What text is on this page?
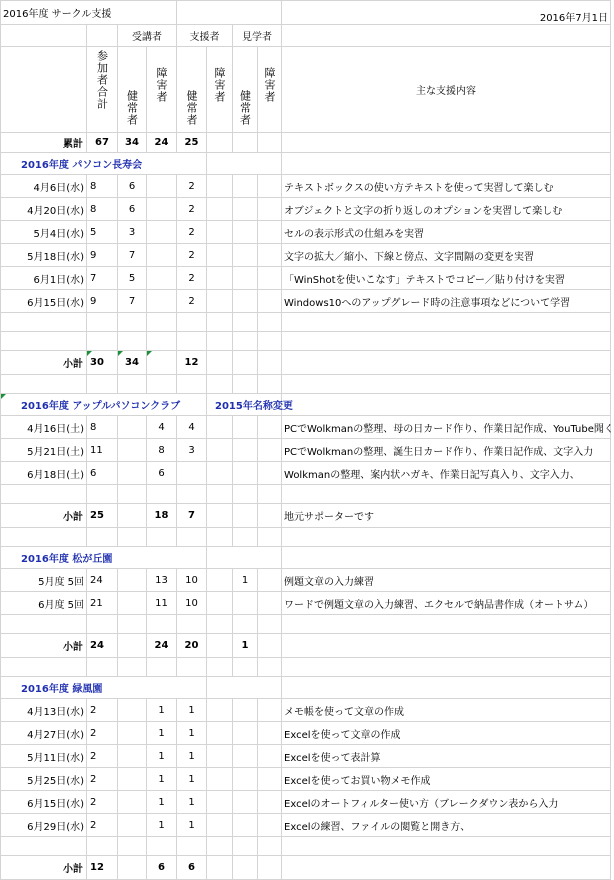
2016年度 サークル支援								2016年7月1日
		受講者		支援者		見学者		
	参加者合計	健常者	障害者	健常者	障害者	健常者	障害者	主な支援内容
累計	67	34	24	25				
2016年度 パソコン長寿会								
4月6日(水)	8	6		2				テキストボックスの使い方テキストを使って実習して楽しむ
4月20日(水)	8	6		2				オブジェクトと文字の折り返しのオプションを実習して楽しむ
5月4日(水)	5	3		2				セルの表示形式の仕組みを実習
5月18日(水)	9	7		2				文字の拡大／縮小、下線と傍点、文字間隔の変更を実習
6月1日(水)	7	5		2				「WinShotを使いこなす」テキストでコピー／貼り付けを実習
6月15日(水)	9	7		2				Windows10へのアップグレード時の注意事項などについて学習

小計	30	34		12				

2016年度 アップルパソコンクラブ					2015年名称変更			
4月16日(土)	8		4	4				PCでWolkmanの整理、母の日カード作り、作業日記作成、YouTube聞く
5月21日(土)	11		8	3				PCでWolkmanの整理、誕生日カード作り、作業日記作成、文字入力
6月18日(土)	6		6					Wolkmanの整理、案内状ハガキ、作業日記写真入り、文字入力、

小計	25		18	7				地元サポーターです

2016年度 松が丘園								
5月度 5回	24		13	10		1		例題文章の入力練習
6月度 5回	21		11	10				ワードで例題文章の入力練習、エクセルで納品書作成（オートサム）

小計	24		24	20		1		

2016年度 緑風園								
4月13日(水)	2		1	1				メモ帳を使って文章の作成
4月27日(水)	2		1	1				Excelを使って文章の作成
5月11日(水)	2		1	1				Excelを使って表計算
5月25日(水)	2		1	1				Excelを使ってお買い物メモ作成
6月15日(水)	2		1	1				Excelのオートフィルター使い方（ブレークダウン表から入力
6月29日(水)	2		1	1				Excelの練習、ファイルの閲覧と開き方、

小計	12		6	6				
